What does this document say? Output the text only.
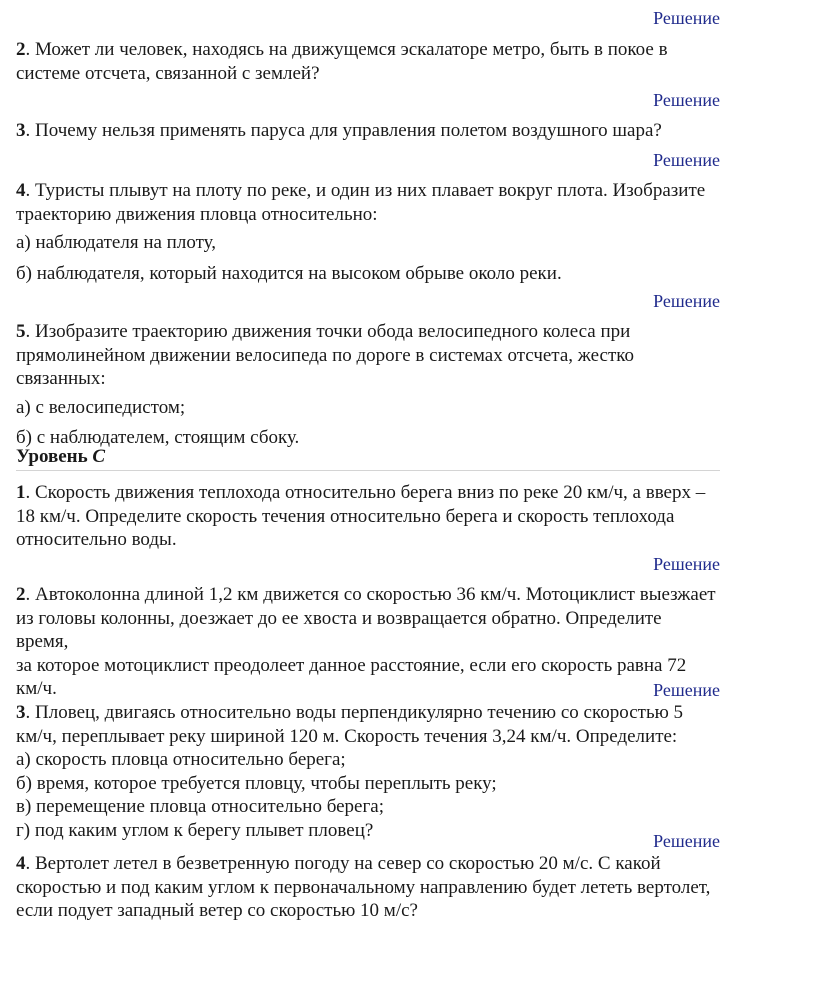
Решение
2. Может ли человек, находясь на движущемся эскалаторе метро, быть в покое в
системе отсчета, связанной с землей?
Решение
3. Почему нельзя применять паруса для управления полетом воздушного шара?
Решение
4. Туристы плывут на плоту по реке, и один из них плавает вокруг плота. Изобразите
траекторию движения пловца относительно:

а) наблюдателя на плоту,

б) наблюдателя, который находится на высоком обрыве около реки.

Решение
5. Изобразите траекторию движения точки обода велосипедного колеса при
прямолинейном движении велосипеда по дороге в системах отсчета, жестко
связанных:

а) с велосипедистом;

б) с наблюдателем, стоящим сбоку.

Уровень C
1. Скорость движения теплохода относительно берега вниз по реке 20 км/ч, а вверх –
18 км/ч. Определите скорость течения относительно берега и скорость теплохода
относительно воды.
Решение
2. Автоколонна длиной 1,2 км движется со скоростью 36 км/ч. Мотоциклист выезжает
из головы колонны, доезжает до ее хвоста и возвращается обратно. Определите время,
за которое мотоциклист преодолеет данное расстояние, если его скорость равна 72
км/ч.	Решение
3. Пловец, двигаясь относительно воды перпендикулярно течению со скоростью 5
км/ч, переплывает реку шириной 120 м. Скорость течения 3,24 км/ч. Определите:
а) скорость пловца относительно берега;
б) время, которое требуется пловцу, чтобы переплыть реку;
в) перемещение пловца относительно берега;
г) под каким углом к берегу плывет пловец?
Решение
4. Вертолет летел в безветренную погоду на север со скоростью 20 м/с. С какой
скоростью и под каким углом к первоначальному направлению будет лететь вертолет,
если подует западный ветер со скоростью 10 м/с?
